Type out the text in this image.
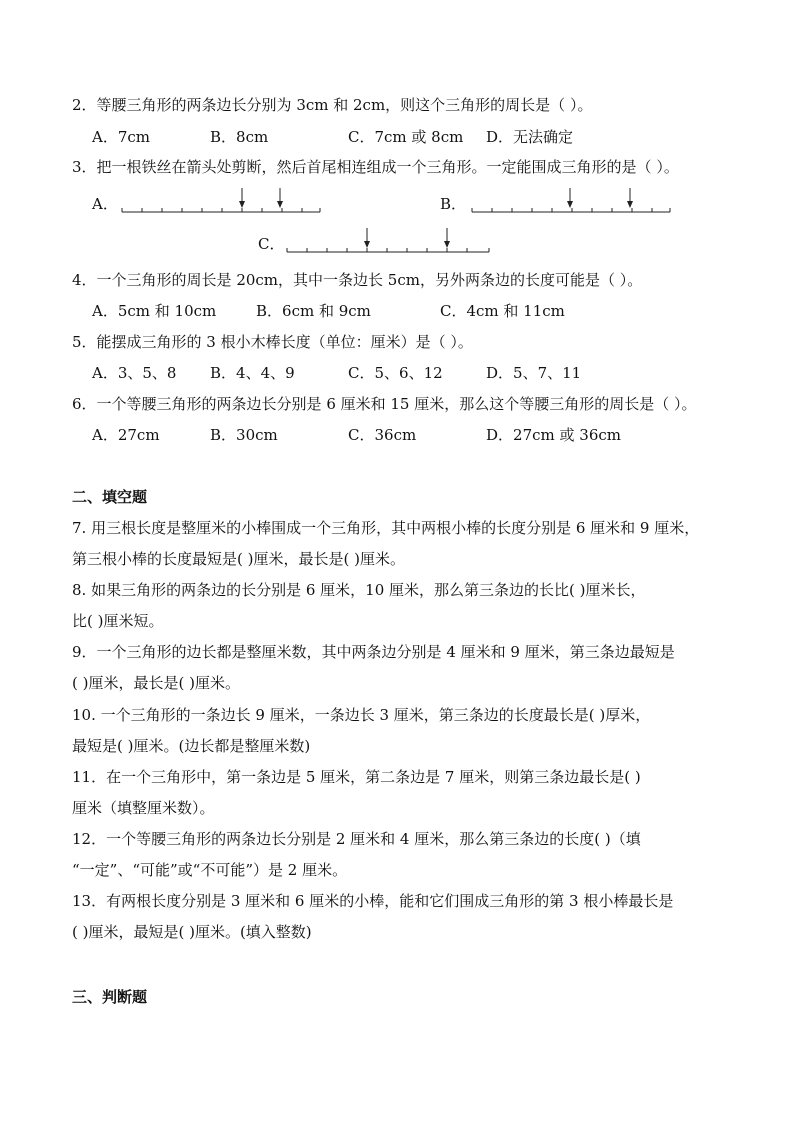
2．等腰三角形的两条边长分别为 3cm 和 2cm，则这个三角形的周长是（ ）。
A．7cm	B．8cm	C．7cm 或 8cm D．无法确定
3．把一根铁丝在箭头处剪断，然后首尾相连组成一个三角形。一定能围成三角形的是（ ）。
A．	B．
C．
4．一个三角形的周长是 20cm，其中一条边长 5cm，另外两条边的长度可能是（ ）。
A．5cm 和 10cm	B．6cm 和 9cm	C．4cm 和 11cm
5．能摆成三角形的 3 根小木棒长度（单位：厘米）是（ ）。
A．3、5、8 B．4、4、9	C．5、6、12	D．5、7、11
6．一个等腰三角形的两条边长分别是 6 厘米和 15 厘米，那么这个等腰三角形的周长是（ ）。
A．27cm	B．30cm	C．36cm	D．27cm 或 36cm
二、填空题
7. 用三根长度是整厘米的小棒围成一个三角形，其中两根小棒的长度分别是 6 厘米和 9 厘米，
第三根小棒的长度最短是( )厘米，最长是( )厘米。
8. 如果三角形的两条边的长分别是 6 厘米，10 厘米，那么第三条边的长比( )厘米长，
比( )厘米短。
9．一个三角形的边长都是整厘米数，其中两条边分别是 4 厘米和 9 厘米，第三条边最短是
( )厘米，最长是( )厘米。
10. 一个三角形的一条边长 9 厘米，一条边长 3 厘米，第三条边的长度最长是( )厚米，
最短是( )厘米。(边长都是整厘米数)
11．在一个三角形中，第一条边是 5 厘米，第二条边是 7 厘米，则第三条边最长是( )
厘米（填整厘米数）。
12．一个等腰三角形的两条边长分别是 2 厘米和 4 厘米，那么第三条边的长度( )（填
“一定”、“可能”或“不可能”）是 2 厘米。
13．有两根长度分别是 3 厘米和 6 厘米的小棒，能和它们围成三角形的第 3 根小棒最长是
( )厘米，最短是( )厘米。(填入整数)
三、判断题
